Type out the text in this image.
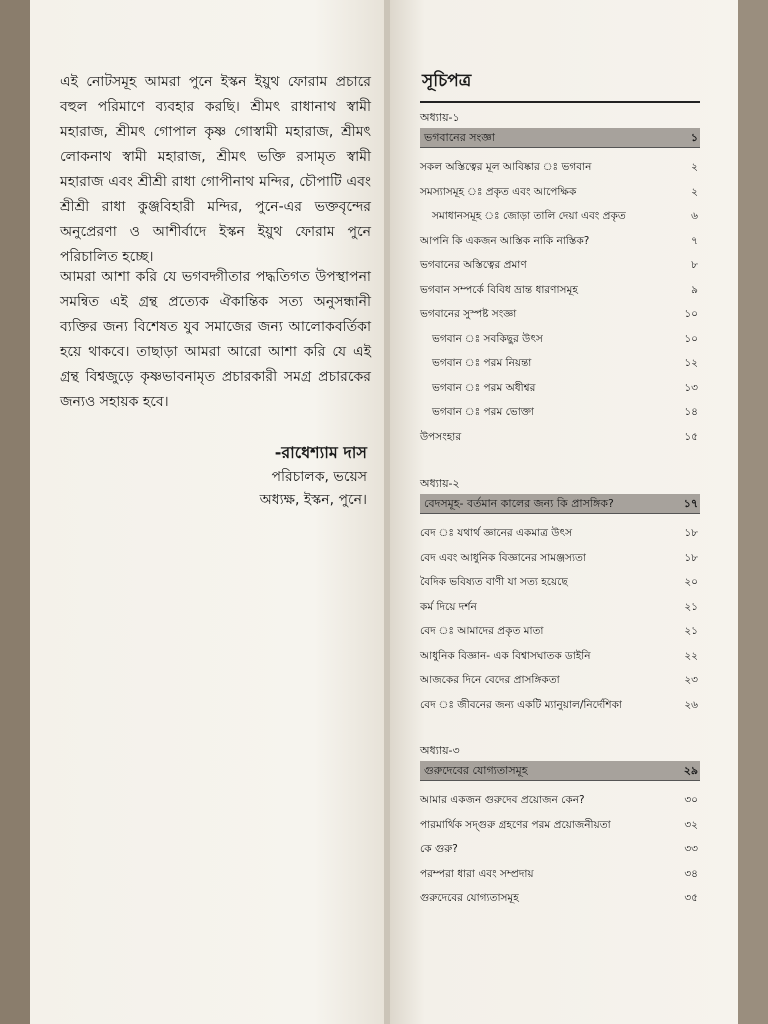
এই নোটসমূহ আমরা পুনে ইস্কন ইয়ুথ ফোরাম প্রচারে বহুল পরিমাণে ব্যবহার করছি। শ্রীমৎ রাধানাথ স্বামী মহারাজ, শ্রীমৎ গোপাল কৃষ্ণ গোস্বামী মহারাজ, শ্রীমৎ লোকনাথ স্বামী মহারাজ, শ্রীমৎ ভক্তি রসামৃত স্বামী মহারাজ এবং শ্রীশ্রী রাধা গোপীনাথ মন্দির, চৌপাটি এবং শ্রীশ্রী রাধা কুঞ্জবিহারী মন্দির, পুনে-এর ভক্তবৃন্দের অনুপ্রেরণা ও আশীর্বাদে ইস্কন ইয়ুথ ফোরাম পুনে পরিচালিত হচ্ছে।

আমরা আশা করি যে ভগবদ্গীতার পদ্ধতিগত উপস্থাপনা সমন্বিত এই গ্রন্থ প্রত্যেক ঐকান্তিক সত্য অনুসন্ধানী ব্যক্তির জন্য বিশেষত যুব সমাজের জন্য আলোকবর্তিকা হয়ে থাকবে। তাছাড়া আমরা আরো আশা করি যে এই গ্রন্থ বিশ্বজুড়ে কৃষ্ণভাবনামৃত প্রচারকারী সমগ্র প্রচারকের জন্যও সহায়ক হবে।

-রাধেশ্যাম দাস
পরিচালক, ভয়েস
অধ্যক্ষ, ইস্কন, পুনে।
সূচিপত্র
অধ্যায়-১
ভগবানের সংজ্ঞা	১
সকল অস্তিত্বের মূল আবিষ্কার ঃ ভগবান	২
সমস্যাসমূহ ঃ প্রকৃত এবং আপেক্ষিক	২
সমাধানসমূহ ঃ জোড়া তালি দেয়া এবং প্রকৃত	৬
আপনি কি একজন আস্তিক নাকি নাস্তিক?	৭
ভগবানের অস্তিত্বের প্রমাণ	৮
ভগবান সম্পর্কে বিবিধ ভ্রান্ত ধারণাসমূহ	৯
ভগবানের সুস্পষ্ট সংজ্ঞা	১০
ভগবান ঃ সবকিছুর উৎস	১০
ভগবান ঃ পরম নিয়ন্তা	১২
ভগবান ঃ পরম অধীশ্বর	১৩
ভগবান ঃ পরম ভোক্তা	১৪
উপসংহার	১৫
অধ্যায়-২
বেদসমূহ- বর্তমান কালের জন্য কি প্রাসঙ্গিক?	১৭
বেদ ঃ যথার্থ জ্ঞানের একমাত্র উৎস	১৮
বেদ এবং আধুনিক বিজ্ঞানের সামঞ্জস্যতা	১৮
বৈদিক ভবিষ্যত বাণী যা সত্য হয়েছে	২০
কর্ম দিয়ে দর্শন	২১
বেদ ঃ আমাদের প্রকৃত মাতা	২১
আধুনিক বিজ্ঞান- এক বিশ্বাসঘাতক ডাইনি	২২
আজকের দিনে বেদের প্রাসঙ্গিকতা	২৩
বেদ ঃ জীবনের জন্য একটি ম্যানুয়াল/নির্দেশিকা	২৬
অধ্যায়-৩
গুরুদেবের যোগ্যতাসমূহ	২৯
আমার একজন গুরুদেব প্রয়োজন কেন?	৩০
পারমার্থিক সদ্‌গুরু গ্রহণের পরম প্রয়োজনীয়তা	৩২
কে গুরু?	৩৩
পরম্পরা ধারা এবং সম্প্রদায়	৩৪
গুরুদেবের যোগ্যতাসমূহ	৩৫
